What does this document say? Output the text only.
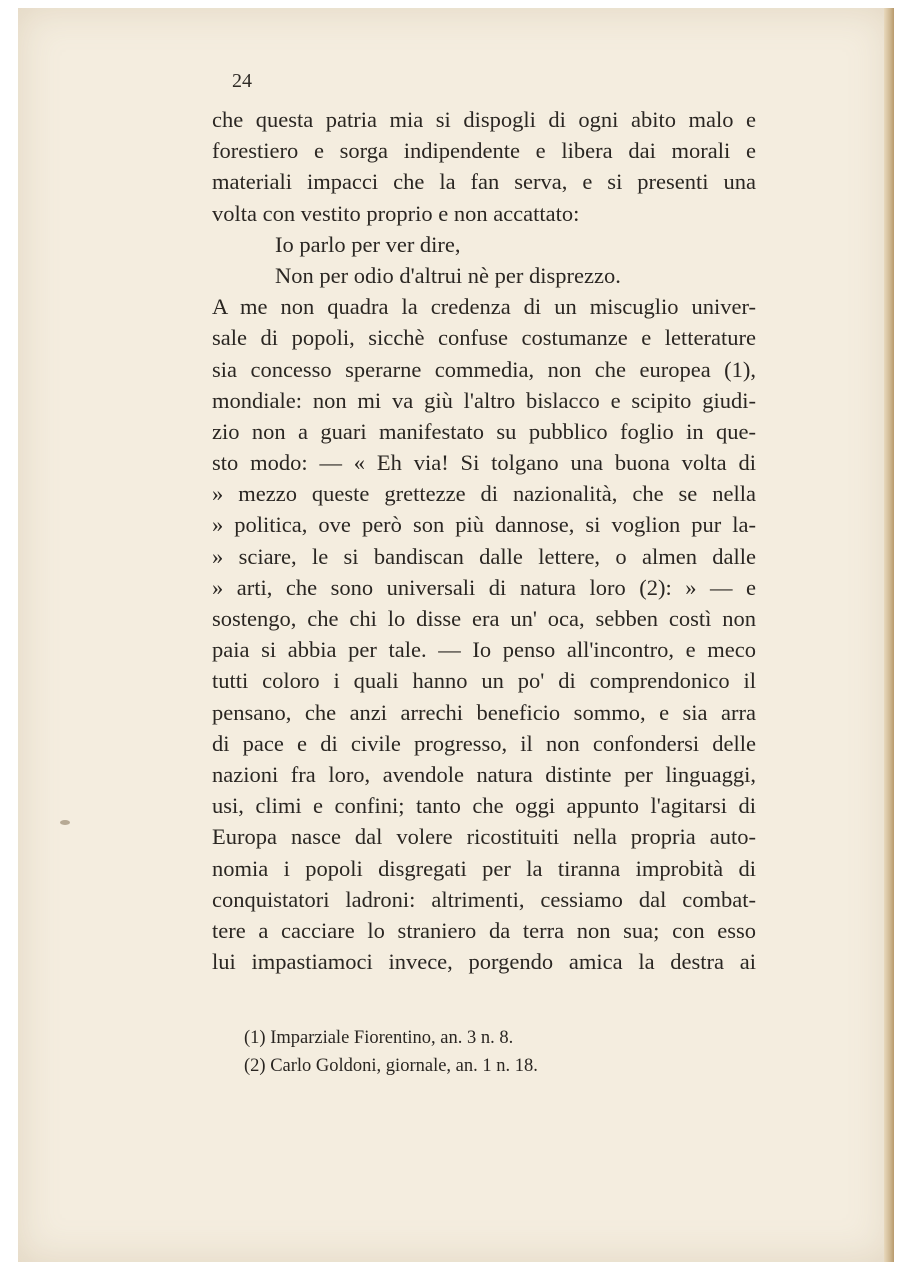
24
che questa patria mia si dispogli di ogni abito malo e
forestiero e sorga indipendente e libera dai morali e
materiali impacci che la fan serva, e si presenti una
volta con vestito proprio e non accattato:
Io parlo per ver dire,
Non per odio d'altrui nè per disprezzo.
A me non quadra la credenza di un miscuglio univer-
sale di popoli, sicchè confuse costumanze e letterature
sia concesso sperarne commedia, non che europea (1),
mondiale: non mi va giù l'altro bislacco e scipito giudi-
zio non a guari manifestato su pubblico foglio in que-
sto modo: — « Eh via! Si tolgano una buona volta di
» mezzo queste grettezze di nazionalità, che se nella
» politica, ove però son più dannose, si voglion pur la-
» sciare, le si bandiscan dalle lettere, o almen dalle
» arti, che sono universali di natura loro (2): » — e
sostengo, che chi lo disse era un' oca, sebben costì non
paia si abbia per tale. — Io penso all'incontro, e meco
tutti coloro i quali hanno un po' di comprendonico il
pensano, che anzi arrechi beneficio sommo, e sia arra
di pace e di civile progresso, il non confondersi delle
nazioni fra loro, avendole natura distinte per linguaggi,
usi, climi e confini; tanto che oggi appunto l'agitarsi di
Europa nasce dal volere ricostituiti nella propria auto-
nomia i popoli disgregati per la tiranna improbità di
conquistatori ladroni: altrimenti, cessiamo dal combat-
tere a cacciare lo straniero da terra non sua; con esso
lui impastiamoci invece, porgendo amica la destra ai
(1) Imparziale Fiorentino, an. 3 n. 8.
(2) Carlo Goldoni, giornale, an. 1 n. 18.
